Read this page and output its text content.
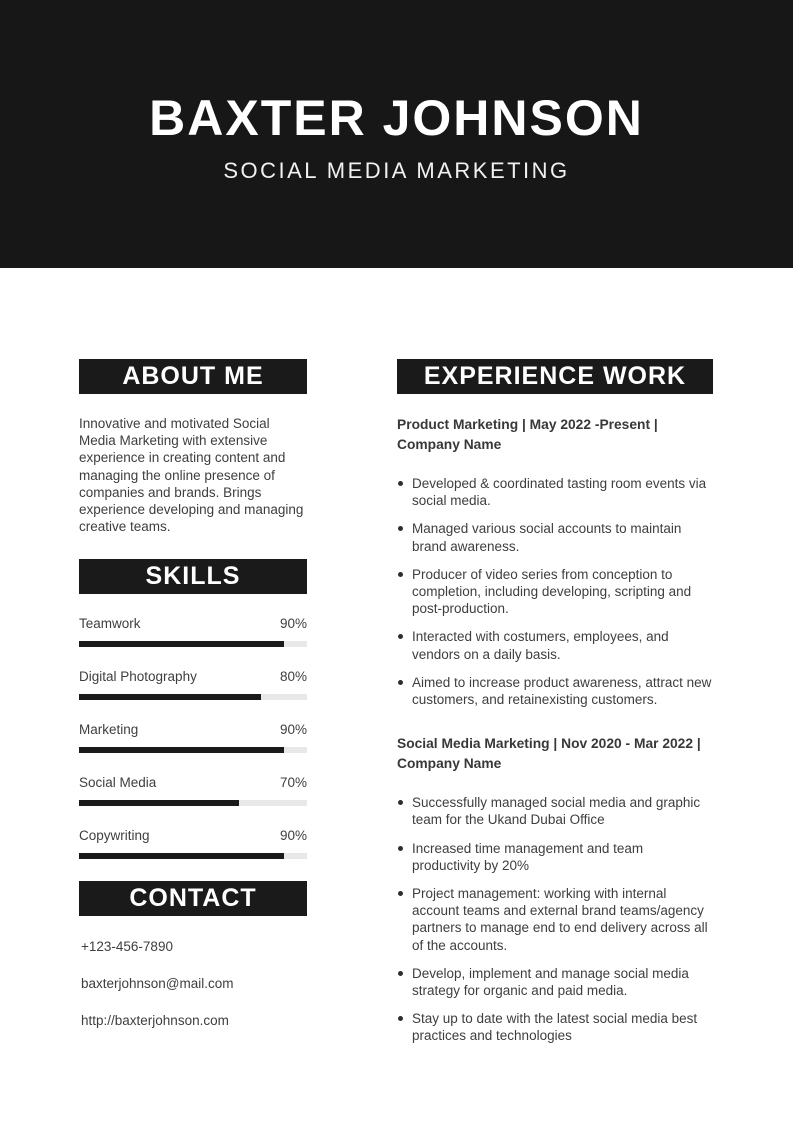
BAXTER JOHNSON
SOCIAL MEDIA MARKETING
ABOUT ME

Innovative and motivated Social Media Marketing with extensive experience in creating content and managing the online presence of companies and brands. Brings experience developing and managing creative teams.

SKILLS
Teamwork	90%
Digital Photography	80%
Marketing	90%
Social Media	70%
Copywriting	90%
CONTACT
+123-456-7890
baxterjohnson@mail.com
http://baxterjohnson.com
EXPERIENCE WORK
Product Marketing | May 2022 -Present |
Company Name
Developed & coordinated tasting room events via social media.
Managed various social accounts to maintain brand awareness.
Producer of video series from conception to completion, including developing, scripting and post-production.
Interacted with costumers, employees, and vendors on a daily basis.
Aimed to increase product awareness, attract new customers, and retainexisting customers.
Social Media Marketing | Nov 2020 - Mar 2022 |
Company Name
Successfully managed social media and graphic team for the Ukand Dubai Office
Increased time management and team productivity by 20%
Project management: working with internal account teams and external brand teams/agency partners to manage end to end delivery across all of the accounts.
Develop, implement and manage social media strategy for organic and paid media.
Stay up to date with the latest social media best practices and technologies
